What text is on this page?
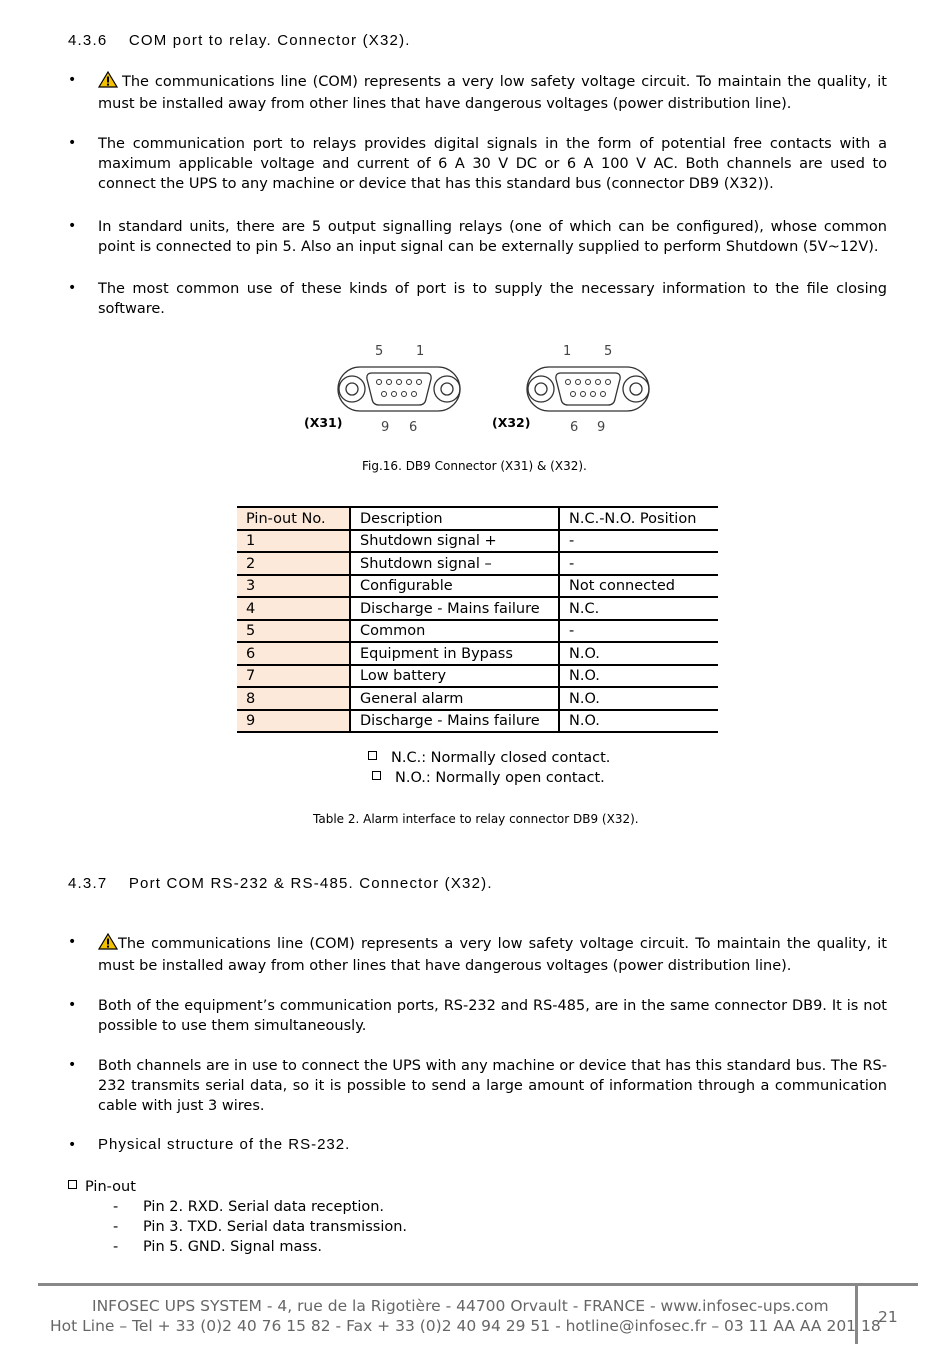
4.3.6    COM port to relay. Connector (X32).
•	The communications line (COM) represents a very low safety voltage circuit. To maintain the quality, it must be installed away from other lines that have dangerous voltages (power distribution line).
• The communication port to relays provides digital signals in the form of potential free contacts with a maximum applicable voltage and current of 6 A 30 V DC or 6 A 100 V AC. Both channels are used to connect the UPS to any machine or device that has this standard bus (connector DB9 (X32)).
• In standard units, there are 5 output signalling relays (one of which can be configured), whose common point is connected to pin 5. Also an input signal can be externally supplied to perform Shutdown (5V~12V).
• The most common use of these kinds of port is to supply the necessary information to the file closing software.
5	1
9 6
(X31)
1	5
6 9
(X32)
Fig.16. DB9 Connector (X31) & (X32).
Pin-out No.	Description	N.C.-N.O. Position
1	Shutdown signal +	-
2	Shutdown signal –	-
3	Configurable	Not connected
4	Discharge - Mains failure	N.C.
5	Common	-
6	Equipment in Bypass	N.O.
7	Low battery	N.O.
8	General alarm	N.O.
9	Discharge - Mains failure	N.O.
N.C.: Normally closed contact.
N.O.: Normally open contact.
Table 2. Alarm interface to relay connector DB9 (X32).
4.3.7    Port COM RS-232 & RS-485. Connector (X32).
•	The communications line (COM) represents a very low safety voltage circuit. To maintain the quality, it must be installed away from other lines that have dangerous voltages (power distribution line).
• Both of the equipment’s communication ports, RS-232 and RS-485, are in the same connector DB9. It is not possible to use them simultaneously.
• Both channels are in use to connect the UPS with any machine or device that has this standard bus. The RS-232 transmits serial data, so it is possible to send a large amount of information through a communication cable with just 3 wires.
• Physical structure of the RS-232.
Pin-out
- Pin 2. RXD. Serial data reception.
- Pin 3. TXD. Serial data transmission.
- Pin 5. GND. Signal mass.
INFOSEC UPS SYSTEM - 4, rue de la Rigotière - 44700 Orvault - FRANCE - www.infosec-ups.com
Hot Line – Tel + 33 (0)2 40 76 15 82 - Fax + 33 (0)2 40 94 29 51 - hotline@infosec.fr – 03 11 AA AA 201 18
21
